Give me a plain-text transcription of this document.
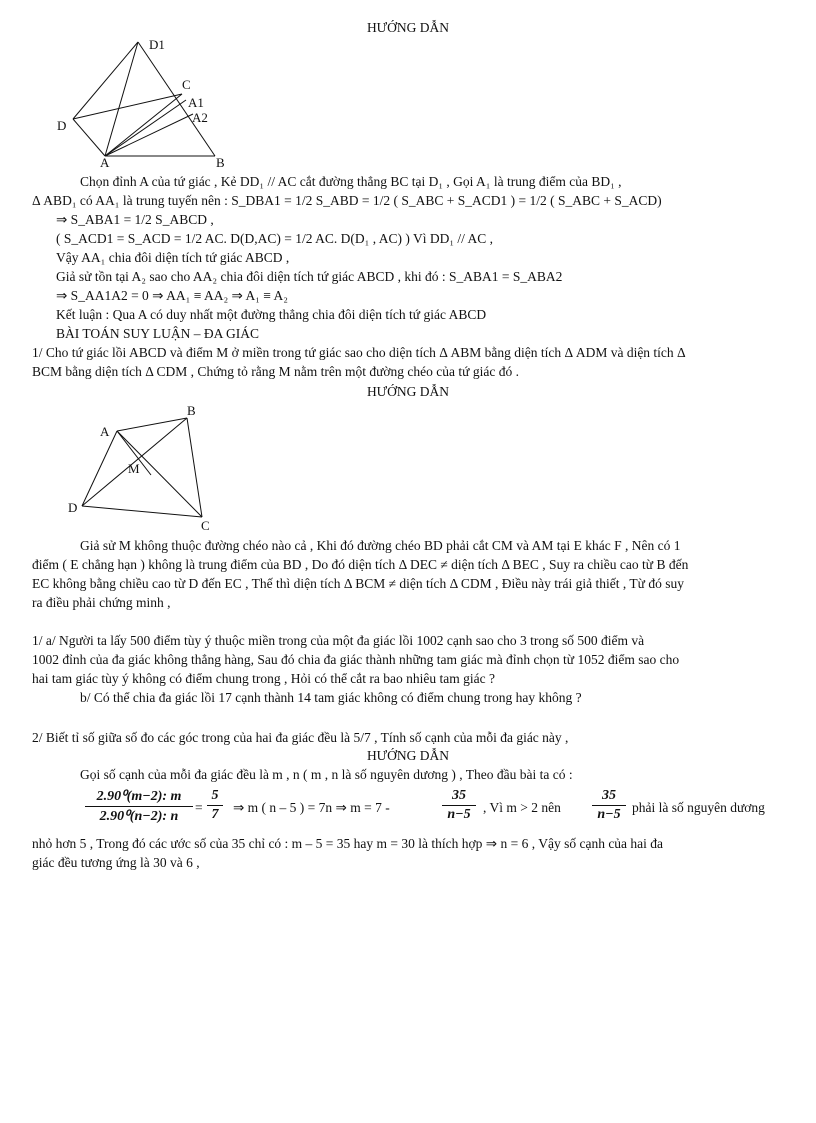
HƯỚNG DẪN
D1
C
A1
A2
D
A	B
Chọn đỉnh A của tứ giác , Kẻ DD₁ // AC cắt đường thẳng BC tại D₁ , Gọi A₁ là trung điểm của BD₁ ,
Δ ABD₁ có AA₁ là trung tuyến nên : S_DBA1 = 1/2 S_ABD = 1/2 ( S_ABC + S_ACD1 ) = 1/2 ( S_ABC + S_ACD)
⇒ S_ABA1 = 1/2 S_ABCD ,
( S_ACD1 = S_ACD = 1/2 AC. D(D,AC) = 1/2 AC. D(D₁ , AC) ) Vì DD₁ // AC ,
Vậy AA₁ chia đôi diện tích tứ giác ABCD ,
Giả sử tồn tại A₂ sao cho AA₂ chia đôi diện tích tứ giác ABCD , khi đó : S_ABA1 = S_ABA2
⇒ S_AA1A2 = 0 ⇒ AA₁ ≡ AA₂ ⇒ A₁ ≡ A₂
Kết luận : Qua A có duy nhất một đường thẳng chia đôi diện tích tứ giác ABCD
BÀI TOÁN SUY LUẬN – ĐA GIÁC
1/ Cho tứ giác lồi ABCD và điểm M ở miền trong tứ giác sao cho diện tích Δ ABM bằng diện tích Δ ADM và diện tích Δ
BCM bằng diện tích Δ CDM , Chứng tỏ rằng M nằm trên một đường chéo của tứ giác đó .
HƯỚNG DẪN
B
A
M
D
C
Giả sử M không thuộc đường chéo nào cả , Khi đó đường chéo BD phải cắt CM và AM tại E khác F , Nên có 1
điểm ( E chẳng hạn ) không là trung điểm của BD , Do đó diện tích Δ DEC ≠ diện tích Δ BEC , Suy ra chiều cao từ B đến
EC không bằng chiều cao từ D đến EC , Thế thì diện tích Δ BCM ≠ diện tích Δ CDM , Điều này trái giả thiết , Từ đó suy
ra điều phải chứng minh ,
1/ a/ Người ta lấy 500 điểm tùy ý thuộc miền trong của một đa giác lồi 1002 cạnh sao cho 3 trong số 500 điểm và
1002 đỉnh của đa giác không thẳng hàng, Sau đó chia đa giác thành những tam giác mà đỉnh chọn từ 1052 điểm sao cho
hai tam giác tùy ý không có điểm chung trong , Hỏi có thể cắt ra bao nhiêu tam giác ?
b/ Có thể chia đa giác lồi 17 cạnh thành 14 tam giác không có điểm chung trong hay không ?
2/ Biết tỉ số giữa số đo các góc trong của hai đa giác đều là 5/7 , Tính số cạnh của mỗi đa giác này ,
HƯỚNG DẪN
Gọi số cạnh của mỗi đa giác đều là m , n ( m , n là số nguyên dương ) , Theo đầu bài ta có :
2.90⁰(m−2): m
2.90⁰(n−2): n
=
5
7	⇒ m ( n – 5 ) = 7n ⇒ m = 7 -
35
n−5 , Vì m > 2 nên
35
n−5 phải là số nguyên dương
nhỏ hơn 5 , Trong đó các ước số của 35 chỉ có : m – 5 = 35 hay m = 30 là thích hợp ⇒ n = 6 , Vậy số cạnh của hai đa
giác đều tương ứng là 30 và 6 ,
